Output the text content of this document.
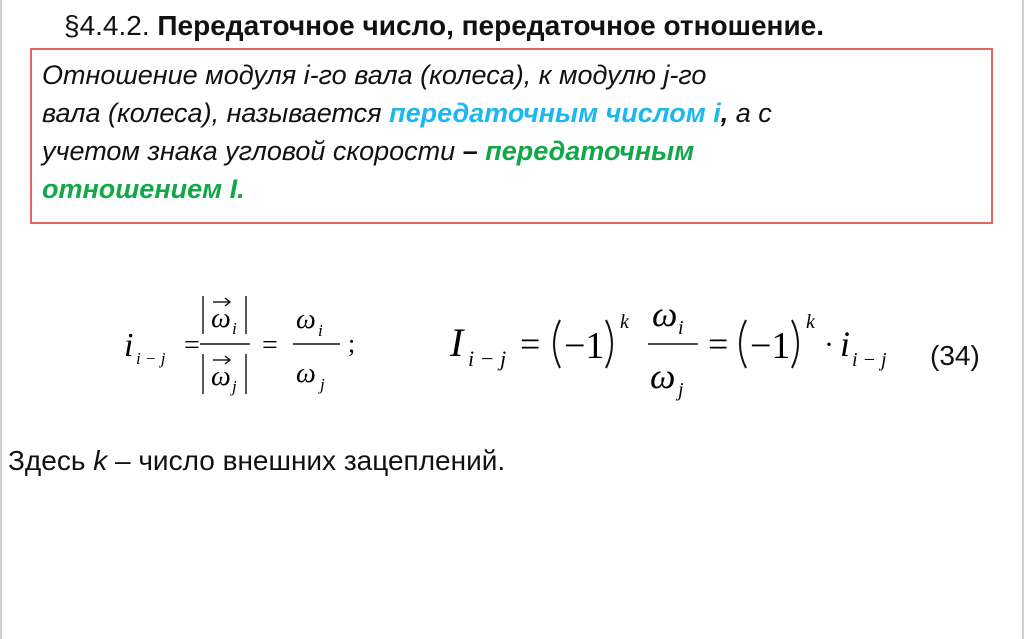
§4.4.2. Передаточное число, передаточное отношение.
Отношение модуля i-го вала (колеса), к модулю j-го
вала (колеса), называется передаточным числом i, а с
учетом знака угловой скорости – передаточным
отношением I.
i i − j =
ω i
ω j
=
ω i
ω j
; I i − j = −1
k ω i
ω j
= −1
k
· i i − j (34)
Здесь k – число внешних зацеплений.
